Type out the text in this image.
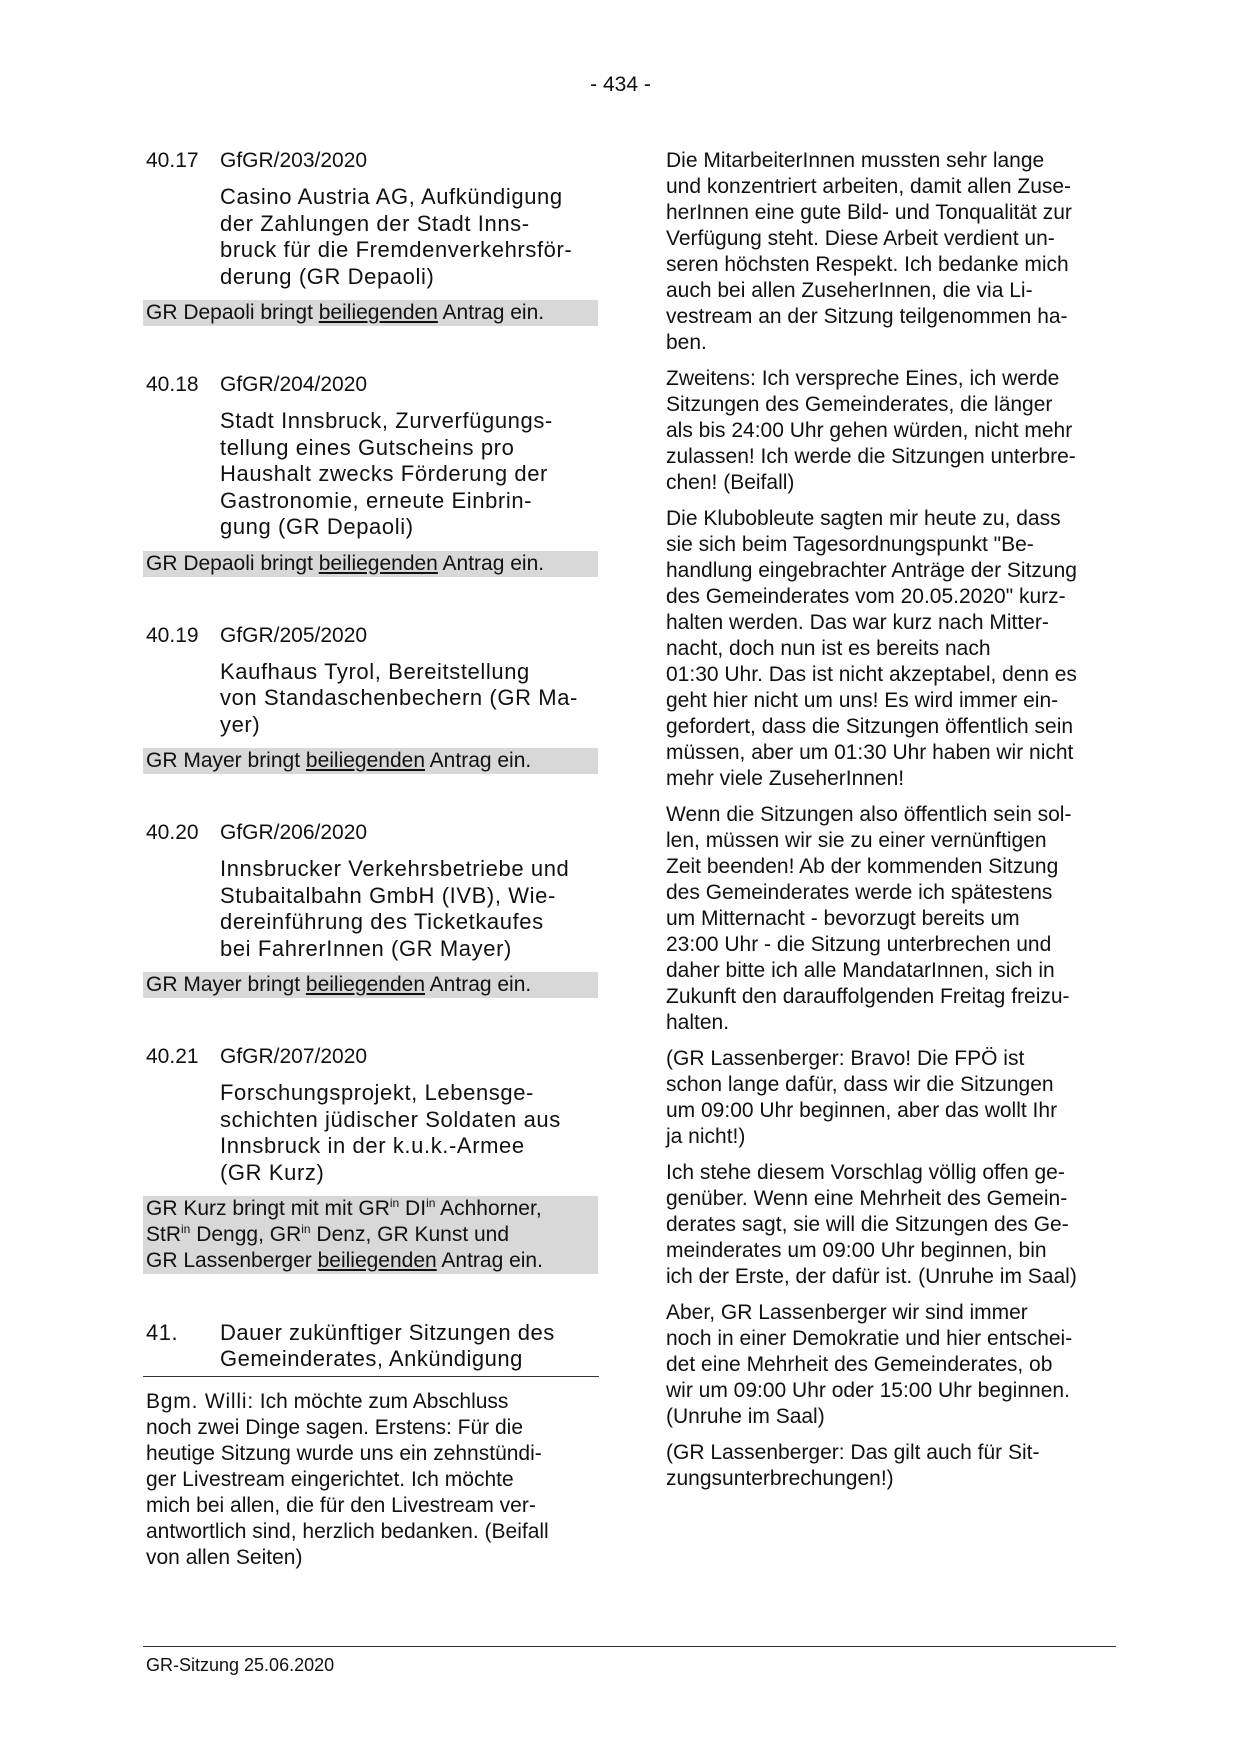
- 434 -
40.17	GfGR/203/2020
Casino Austria AG, Aufkündigung
der Zahlungen der Stadt Inns-
bruck für die Fremdenverkehrsför-
derung (GR Depaoli)
GR Depaoli bringt beiliegenden Antrag ein.
40.18	GfGR/204/2020
Stadt Innsbruck, Zurverfügungs-
tellung eines Gutscheins pro
Haushalt zwecks Förderung der
Gastronomie, erneute Einbrin-
gung (GR Depaoli)
GR Depaoli bringt beiliegenden Antrag ein.
40.19	GfGR/205/2020
Kaufhaus Tyrol, Bereitstellung
von Standaschenbechern (GR Ma-
yer)
GR Mayer bringt beiliegenden Antrag ein.
40.20	GfGR/206/2020
Innsbrucker Verkehrsbetriebe und
Stubaitalbahn GmbH (IVB), Wie-
dereinführung des Ticketkaufes
bei FahrerInnen (GR Mayer)
GR Mayer bringt beiliegenden Antrag ein.
40.21	GfGR/207/2020
Forschungsprojekt, Lebensge-
schichten jüdischer Soldaten aus
Innsbruck in der k.u.k.-Armee
(GR Kurz)
GR Kurz bringt mit mit $GR^{in}$ $DI^{in}$ Achhorner,
StR$^{in}$ Dengg, $GR^{in}$ Denz, GR Kunst und
GR Lassenberger beiliegenden Antrag ein.
41.	Dauer zukünftiger Sitzungen des
Gemeinderates, Ankündigung
Bgm. Willi: Ich möchte zum Abschluss
noch zwei Dinge sagen. Erstens: Für die
heutige Sitzung wurde uns ein zehnstündi-
ger Livestream eingerichtet. Ich möchte
mich bei allen, die für den Livestream ver-
antwortlich sind, herzlich bedanken. (Beifall
von allen Seiten)
Die MitarbeiterInnen mussten sehr lange
und konzentriert arbeiten, damit allen Zuse-
herInnen eine gute Bild- und Tonqualität zur
Verfügung steht. Diese Arbeit verdient un-
seren höchsten Respekt. Ich bedanke mich
auch bei allen ZuseherInnen, die via Li-
vestream an der Sitzung teilgenommen ha-
ben.
Zweitens: Ich verspreche Eines, ich werde
Sitzungen des Gemeinderates, die länger
als bis 24:00 Uhr gehen würden, nicht mehr
zulassen! Ich werde die Sitzungen unterbre-
chen! (Beifall)
Die Klubobleute sagten mir heute zu, dass
sie sich beim Tagesordnungspunkt "Be-
handlung eingebrachter Anträge der Sitzung
des Gemeinderates vom 20.05.2020" kurz-
halten werden. Das war kurz nach Mitter-
nacht, doch nun ist es bereits nach
01:30 Uhr. Das ist nicht akzeptabel, denn es
geht hier nicht um uns! Es wird immer ein-
gefordert, dass die Sitzungen öffentlich sein
müssen, aber um 01:30 Uhr haben wir nicht
mehr viele ZuseherInnen!
Wenn die Sitzungen also öffentlich sein sol-
len, müssen wir sie zu einer vernünftigen
Zeit beenden! Ab der kommenden Sitzung
des Gemeinderates werde ich spätestens
um Mitternacht - bevorzugt bereits um
23:00 Uhr - die Sitzung unterbrechen und
daher bitte ich alle MandatarInnen, sich in
Zukunft den darauffolgenden Freitag freizu-
halten.
(GR Lassenberger: Bravo! Die FPÖ ist
schon lange dafür, dass wir die Sitzungen
um 09:00 Uhr beginnen, aber das wollt Ihr
ja nicht!)
Ich stehe diesem Vorschlag völlig offen ge-
genüber. Wenn eine Mehrheit des Gemein-
derates sagt, sie will die Sitzungen des Ge-
meinderates um 09:00 Uhr beginnen, bin
ich der Erste, der dafür ist. (Unruhe im Saal)
Aber, GR Lassenberger wir sind immer
noch in einer Demokratie und hier entschei-
det eine Mehrheit des Gemeinderates, ob
wir um 09:00 Uhr oder 15:00 Uhr beginnen.
(Unruhe im Saal)
(GR Lassenberger: Das gilt auch für Sit-
zungsunterbrechungen!)
GR-Sitzung 25.06.2020
